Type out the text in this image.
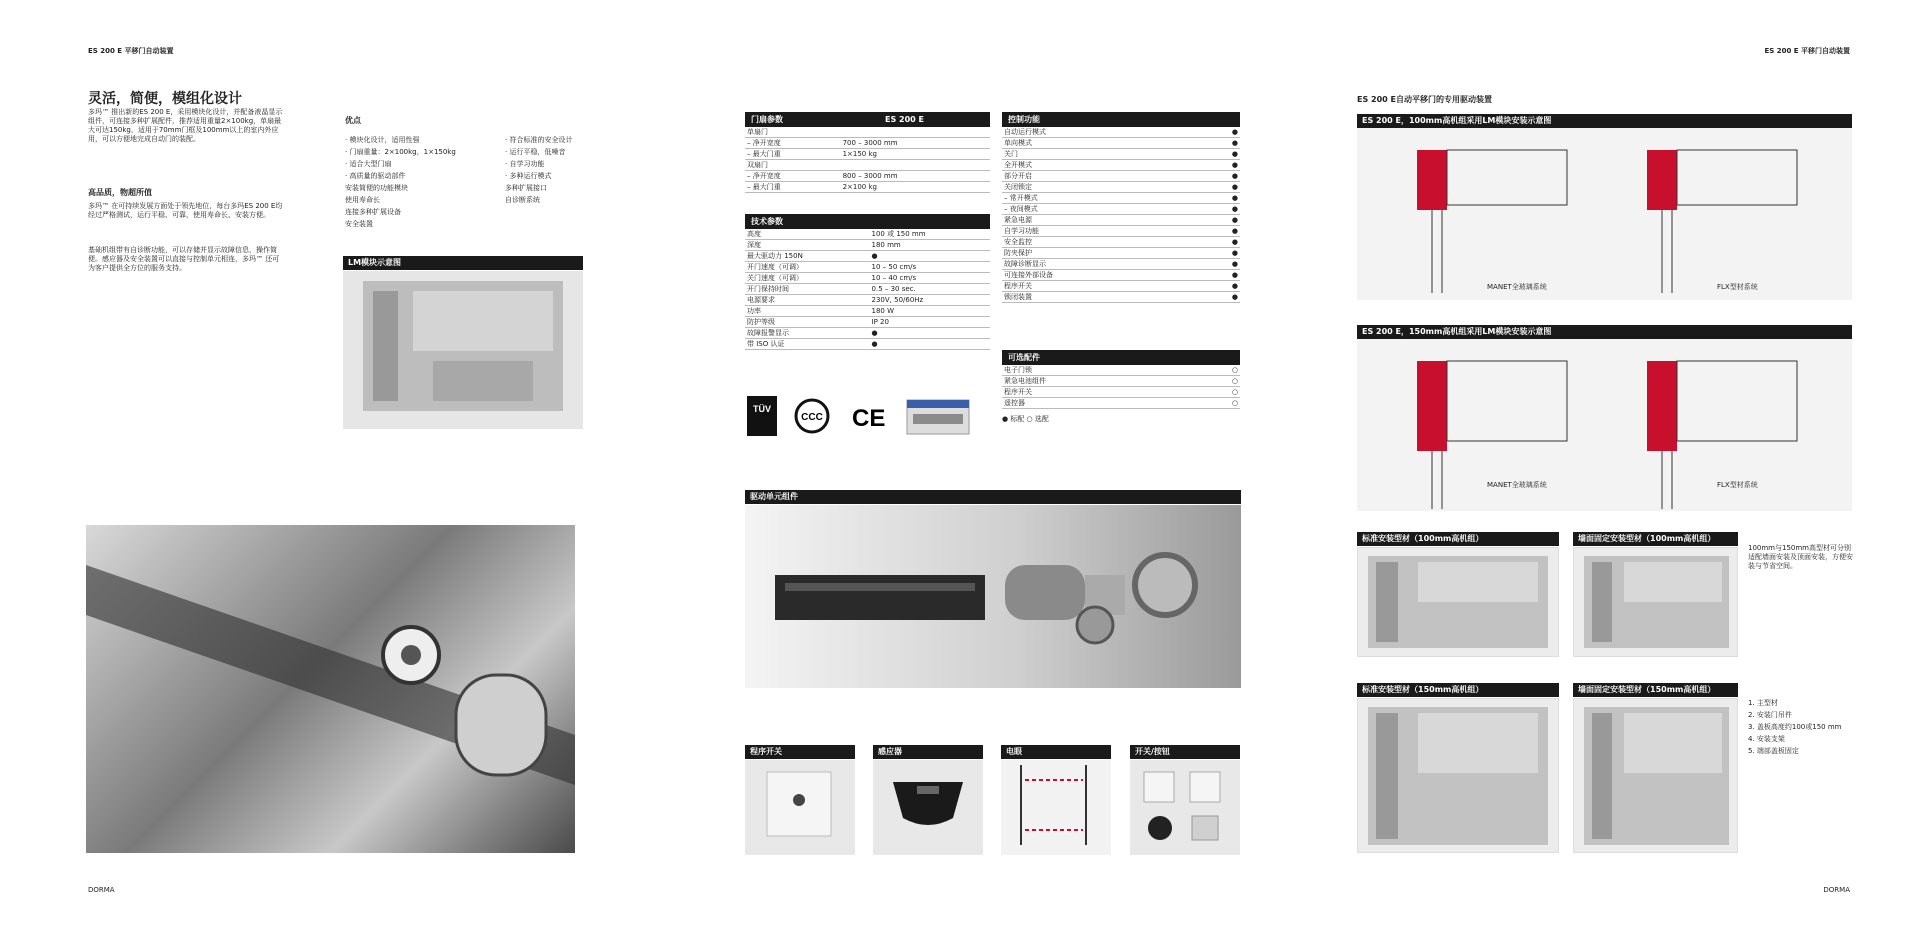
ES 200 E 平移门自动装置
灵活，简便，模组化设计
多玛™ 推出新的ES 200 E，采用模块化设计，并配备液晶显示组件，可连接多种扩展配件，推荐适用重量2×100kg，单扇最大可达150kg，适用于70mm门框及100mm以上的室内外应用，可以方便地完成自动门的装配。
高品质，物超所值
多玛™ 在可持续发展方面处于领先地位，每台多玛ES 200 E均经过严格测试，运行平稳、可靠，使用寿命长、安装方便。
基础机组带有自诊断功能，可以存储并显示故障信息，操作简便。感应器及安全装置可以直接与控制单元相连，多玛™ 还可为客户提供全方位的服务支持。
优点
· 模块化设计，适用性强
· 门扇重量：2×100kg，1×150kg
· 适合大型门扇
· 高质量的驱动部件
安装简便的功能模块
使用寿命长
连接多种扩展设备
安全装置
· 符合标准的安全设计
· 运行平稳，低噪音
· 自学习功能
· 多种运行模式
多种扩展接口
自诊断系统
LM模块示意图
DORMA
门扇参数	ES 200 E
单扇门	
– 净开宽度	700 – 3000 mm
– 最大门重	1×150 kg
双扇门	
– 净开宽度	800 – 3000 mm
– 最大门重	2×100 kg
技术参数
高度	100 或 150 mm
深度	180 mm
最大驱动力 150N	●
开门速度（可调）	10 – 50 cm/s
关门速度（可调）	10 – 40 cm/s
开门保持时间	0.5 – 30 sec.
电源要求	230V, 50/60Hz
功率	180 W
防护等级	IP 20
故障报警显示	●
带 ISO 认证	●
控制功能
自动运行模式	●
单向模式	●
关门	●
全开模式	●
部分开启	●
关闭锁定	●
– 常开模式	●
– 夜间模式	●
紧急电源	●
自学习功能	●
安全监控	●
防夹保护	●
故障诊断显示	●
可连接外部设备	●
程序开关	●
锁闭装置	●
可选配件
电子门锁	○
紧急电池组件	○
程序开关	○
遥控器	○
● 标配 ○ 选配
TÜV
CCC CE
驱动单元组件
程序开关	感应器	电眼	开关/按钮
ES 200 E 平移门自动装置
ES 200 E自动平移门的专用驱动装置
ES 200 E，100mm高机组采用LM模块安装示意图
MANET全玻璃系统	FLX型材系统
ES 200 E，150mm高机组采用LM模块安装示意图
MANET全玻璃系统	FLX型材系统
标准安装型材（100mm高机组）	墙面固定安装型材（100mm高机组）
100mm与150mm高型材可分别适配墙面安装及顶面安装，方便安装与节省空间。
标准安装型材（150mm高机组）	墙面固定安装型材（150mm高机组）
1. 主型材
2. 安装门吊件
3. 盖板高度约100或150 mm
4. 安装支架
5. 端部盖板固定
DORMA
